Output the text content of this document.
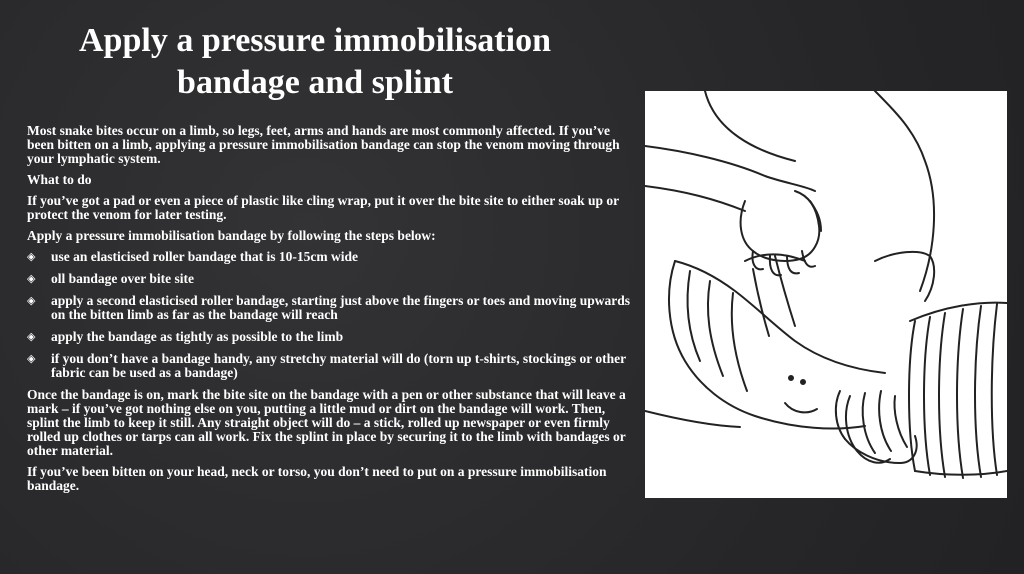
Apply a pressure immobilisation bandage and splint

Most snake bites occur on a limb, so legs, feet, arms and hands are most commonly affected. If you’ve been bitten on a limb, applying a pressure immobilisation bandage can stop the venom moving through your lymphatic system.

What to do

If you’ve got a pad or even a piece of plastic like cling wrap, put it over the bite site to either soak up or protect the venom for later testing.

Apply a pressure immobilisation bandage by following the steps below:

◈ use an elasticised roller bandage that is 10-15cm wide
◈ oll bandage over bite site
◈ apply a second elasticised roller bandage, starting just above the fingers or toes and moving upwards on the bitten limb as far as the bandage will reach
◈ apply the bandage as tightly as possible to the limb
◈ if you don’t have a bandage handy, any stretchy material will do (torn up t-shirts, stockings or other fabric can be used as a bandage)

Once the bandage is on, mark the bite site on the bandage with a pen or other substance that will leave a mark – if you’ve got nothing else on you, putting a little mud or dirt on the bandage will work. Then, splint the limb to keep it still. Any straight object will do – a stick, rolled up newspaper or even firmly rolled up clothes or tarps can all work. Fix the splint in place by securing it to the limb with bandages or other material.

If you’ve been bitten on your head, neck or torso, you don’t need to put on a pressure immobilisation bandage.
